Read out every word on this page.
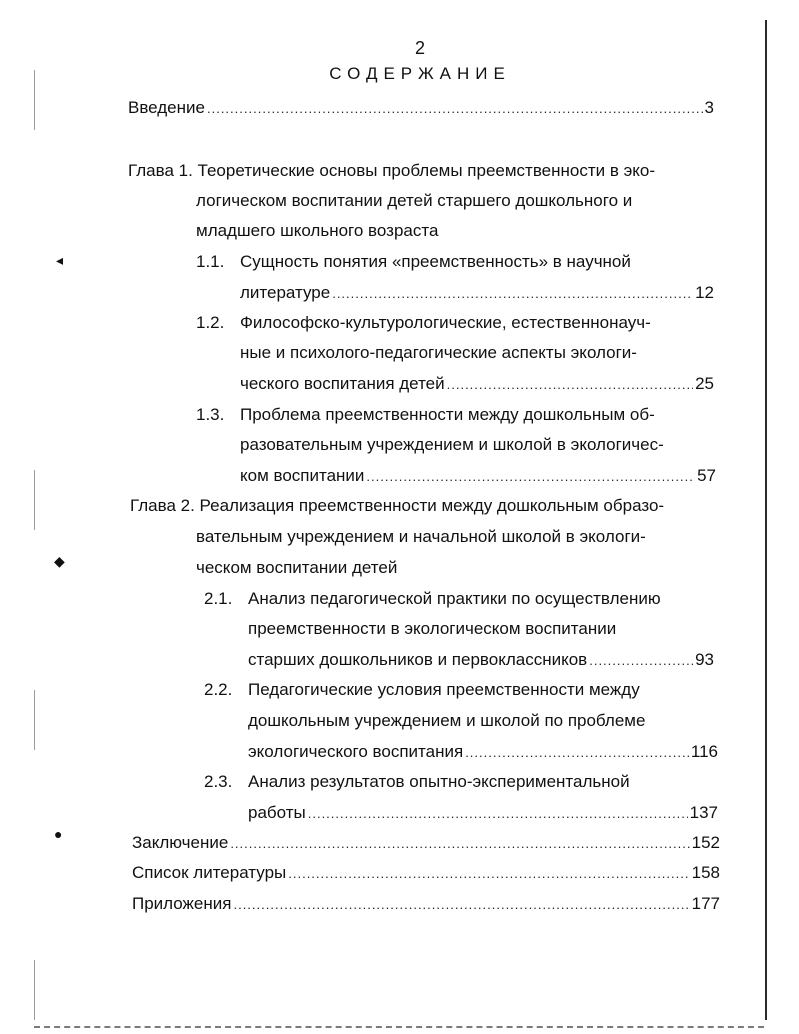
◂
◆
●
2
СОДЕРЖАНИЕ
Введение .....	3
Глава 1. Теоретические основы проблемы преемственности в эко-
логическом воспитании детей старшего дошкольного и
младшего школьного возраста
1.1. Сущность понятия «преемственность» в научной
литературе .....	12
1.2. Философско-культурологические, естественнонауч-
ные и психолого-педагогические аспекты экологи-
ческого воспитания детей .....	25
1.3. Проблема преемственности между дошкольным об-
разовательным учреждением и школой в экологичес-
ком воспитании .....	57
Глава 2. Реализация преемственности между дошкольным образо-
вательным учреждением и начальной школой в экологи-
ческом воспитании детей
2.1. Анализ педагогической практики по осуществлению
преемственности в экологическом воспитании
старших дошкольников и первоклассников .....	93
2.2. Педагогические условия преемственности между
дошкольным учреждением и школой по проблеме
экологического воспитания .....	116
2.3. Анализ результатов опытно-экспериментальной
работы .....	137
Заключение .....	152
Список литературы .....	158
Приложения .....	177
